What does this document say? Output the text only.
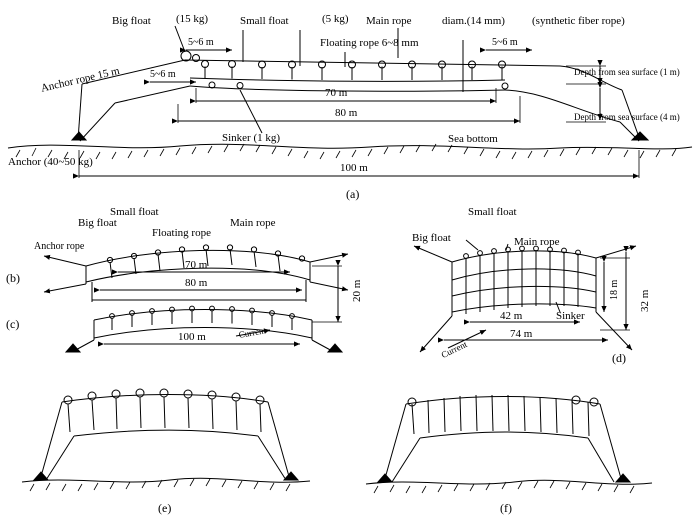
Big float (15 kg)	Small float	(5 kg) Main rope	diam.(14 mm) (synthetic fiber rope)
Floating rope 6~8 mm
Anchor rope 15 m
5~6 m
5~6 m
5~6 m
Depth from sea surface (1 m)
Depth from sea surface (4 m)
Sinker (1 kg)	Sea bottom
Anchor (40~50 kg)
70 m
80 m
100 m
(a)
Big float
Small float
Floating rope
Main rope
Anchor rope
70 m
80 m	20 m
(b)
100 m	Current
(c)
Big float
Small float
Main rope
Sinker
42 m
74 m
32 m
18 m
Current	(d)
(e)	(f)
